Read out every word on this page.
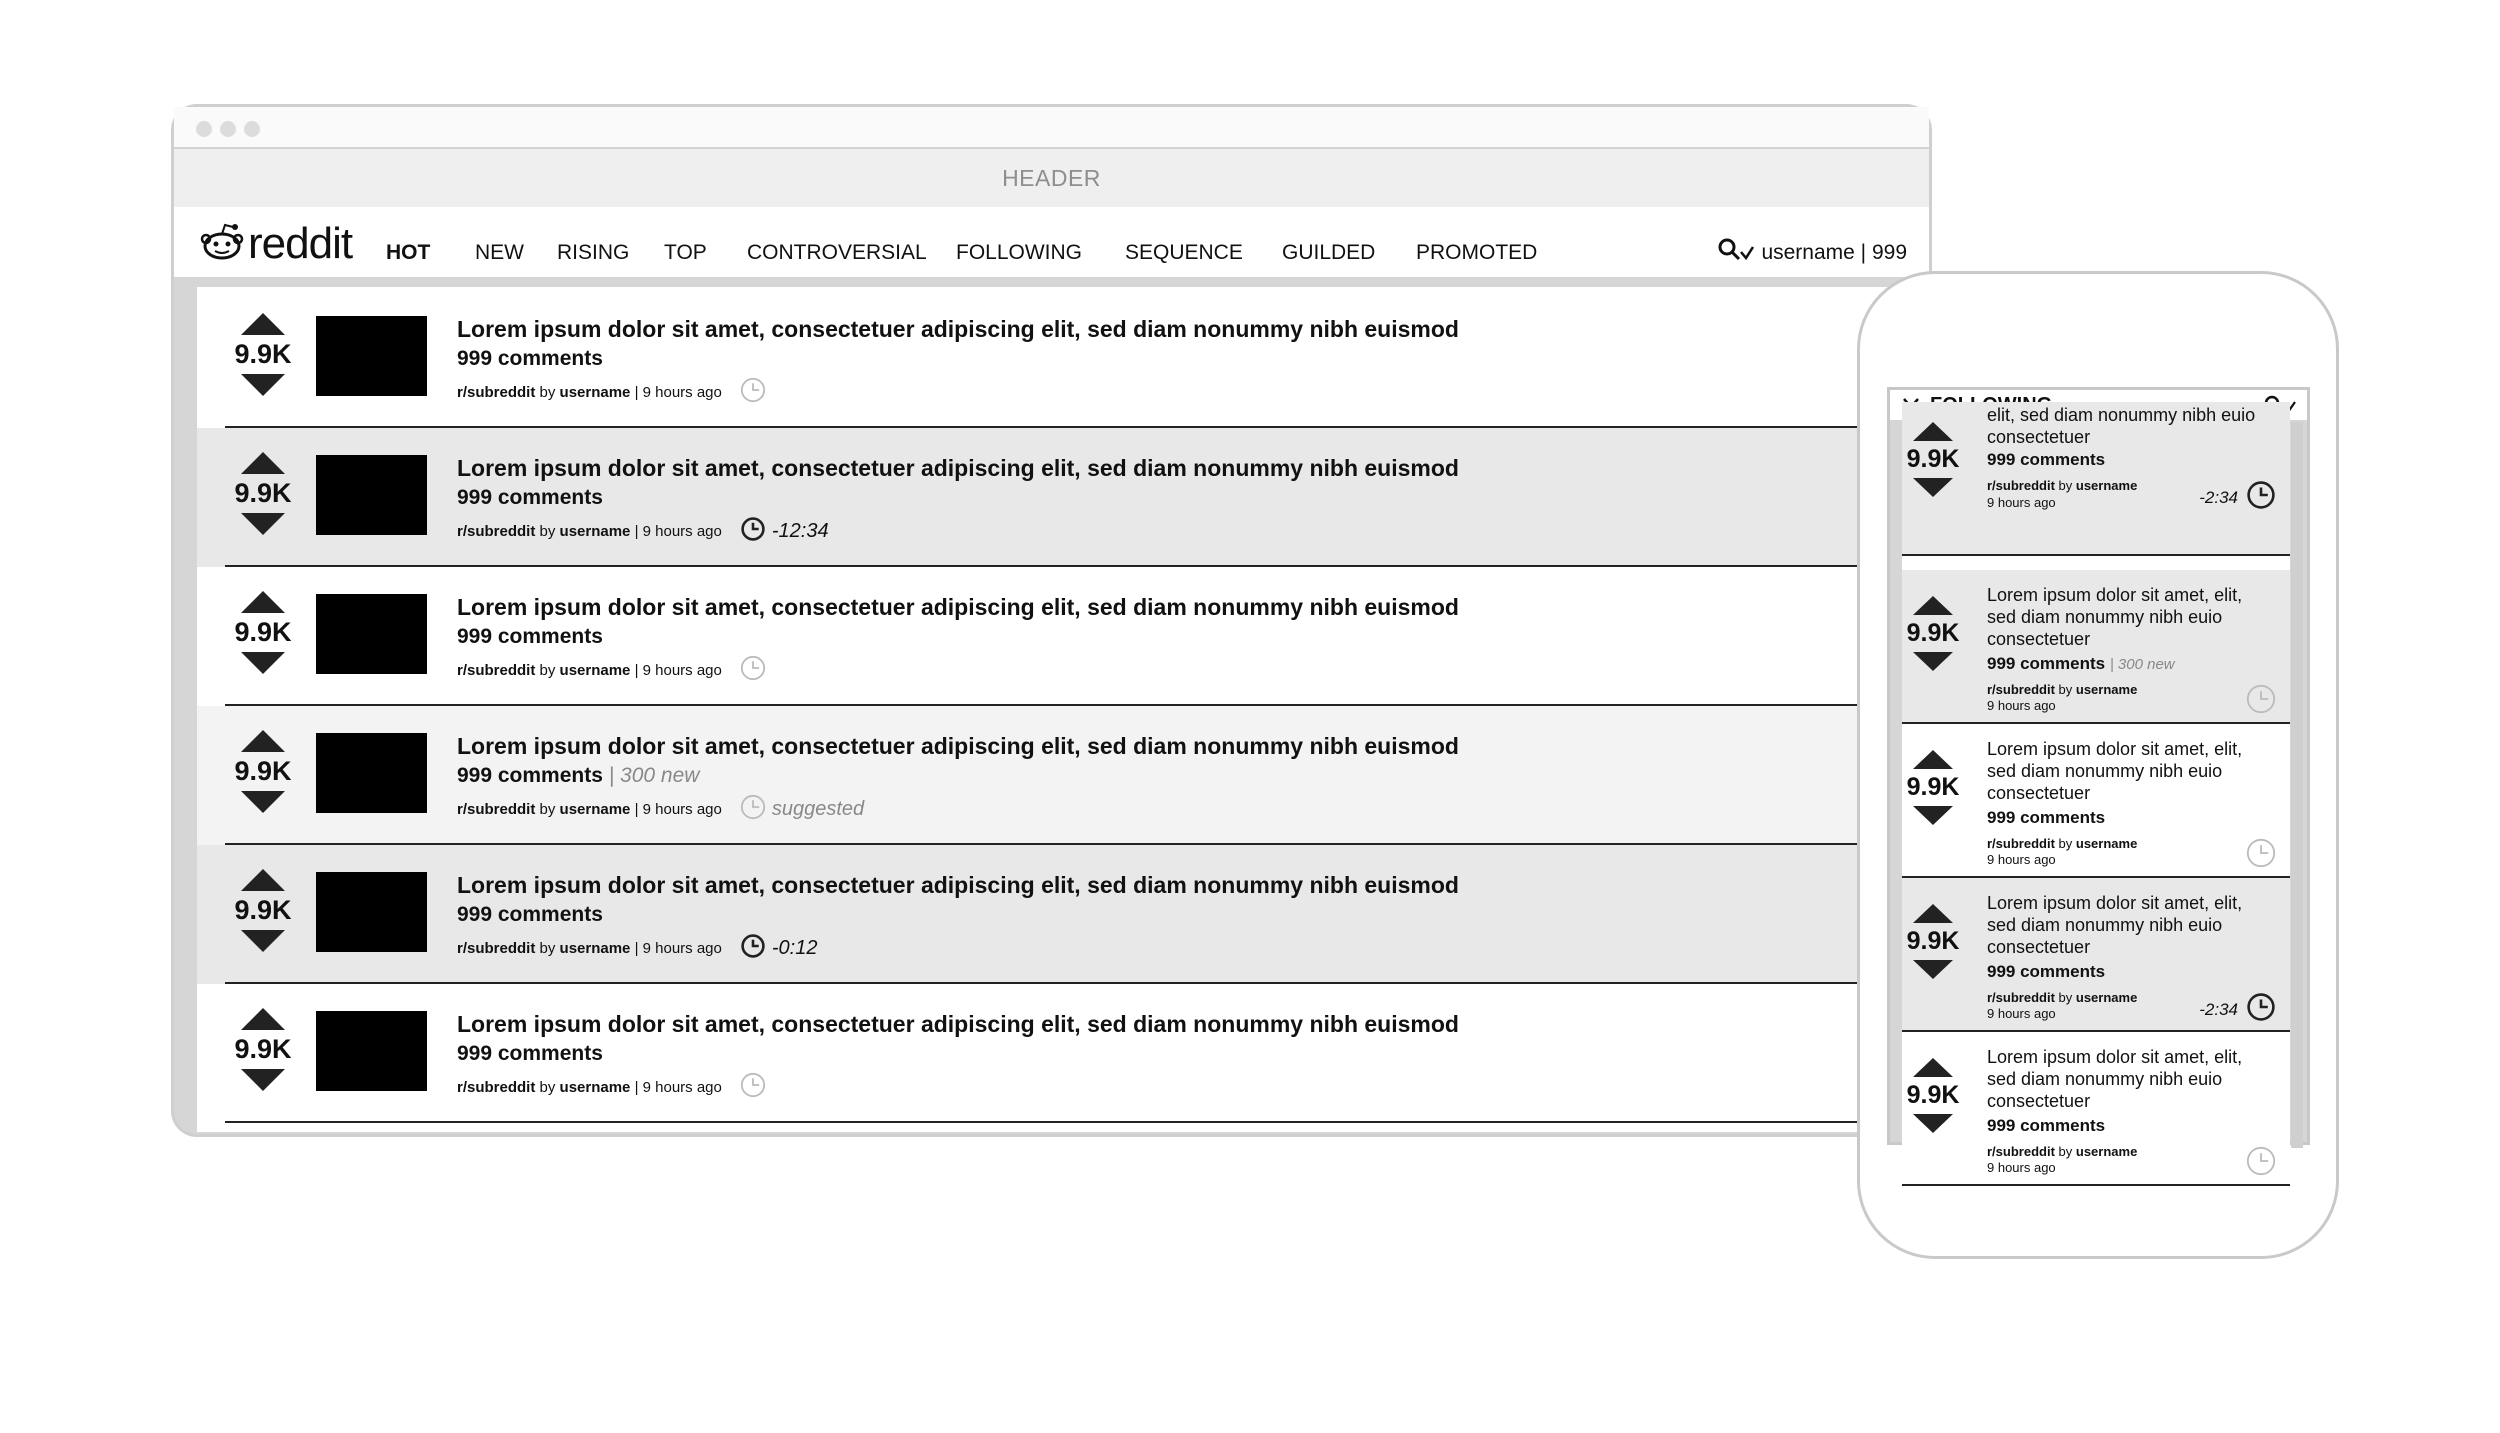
HEADER
reddit HOT NEW RISING TOP CONTROVERSIAL FOLLOWING SEQUENCE GUILDED PROMOTED	username | 999
9.9K
Lorem ipsum dolor sit amet, consectetuer adipiscing elit, sed diam nonummy nibh euismod
999 comments
r/subreddit
by
username
| 9 hours ago
9.9K
Lorem ipsum dolor sit amet, consectetuer adipiscing elit, sed diam nonummy nibh euismod
999 comments
r/subreddit
by
username
| 9 hours ago	-12:34
9.9K
Lorem ipsum dolor sit amet, consectetuer adipiscing elit, sed diam nonummy nibh euismod
999 comments
r/subreddit
by
username
| 9 hours ago
9.9K
Lorem ipsum dolor sit amet, consectetuer adipiscing elit, sed diam nonummy nibh euismod
999 comments | 300 new
r/subreddit
by
username
| 9 hours ago	suggested
9.9K
Lorem ipsum dolor sit amet, consectetuer adipiscing elit, sed diam nonummy nibh euismod
999 comments
r/subreddit
by
username
| 9 hours ago	-0:12
9.9K
Lorem ipsum dolor sit amet, consectetuer adipiscing elit, sed diam nonummy nibh euismod
999 comments
r/subreddit
by
username
| 9 hours ago
9.9K
elit, sed diam nonummy nibh euio consectetuer
999 comments
r/subreddit by username
9 hours ago	-2:34
9.9K
Lorem ipsum dolor sit amet, elit, sed diam nonummy nibh euio consectetuer
999 comments | 300 new
r/subreddit by username
9 hours ago
9.9K
Lorem ipsum dolor sit amet, elit, sed diam nonummy nibh euio consectetuer
999 comments
r/subreddit by username
9 hours ago
9.9K
Lorem ipsum dolor sit amet, elit, sed diam nonummy nibh euio consectetuer
999 comments
r/subreddit by username
9 hours ago	-2:34
9.9K
Lorem ipsum dolor sit amet, elit, sed diam nonummy nibh euio consectetuer
999 comments
r/subreddit by username
9 hours ago
